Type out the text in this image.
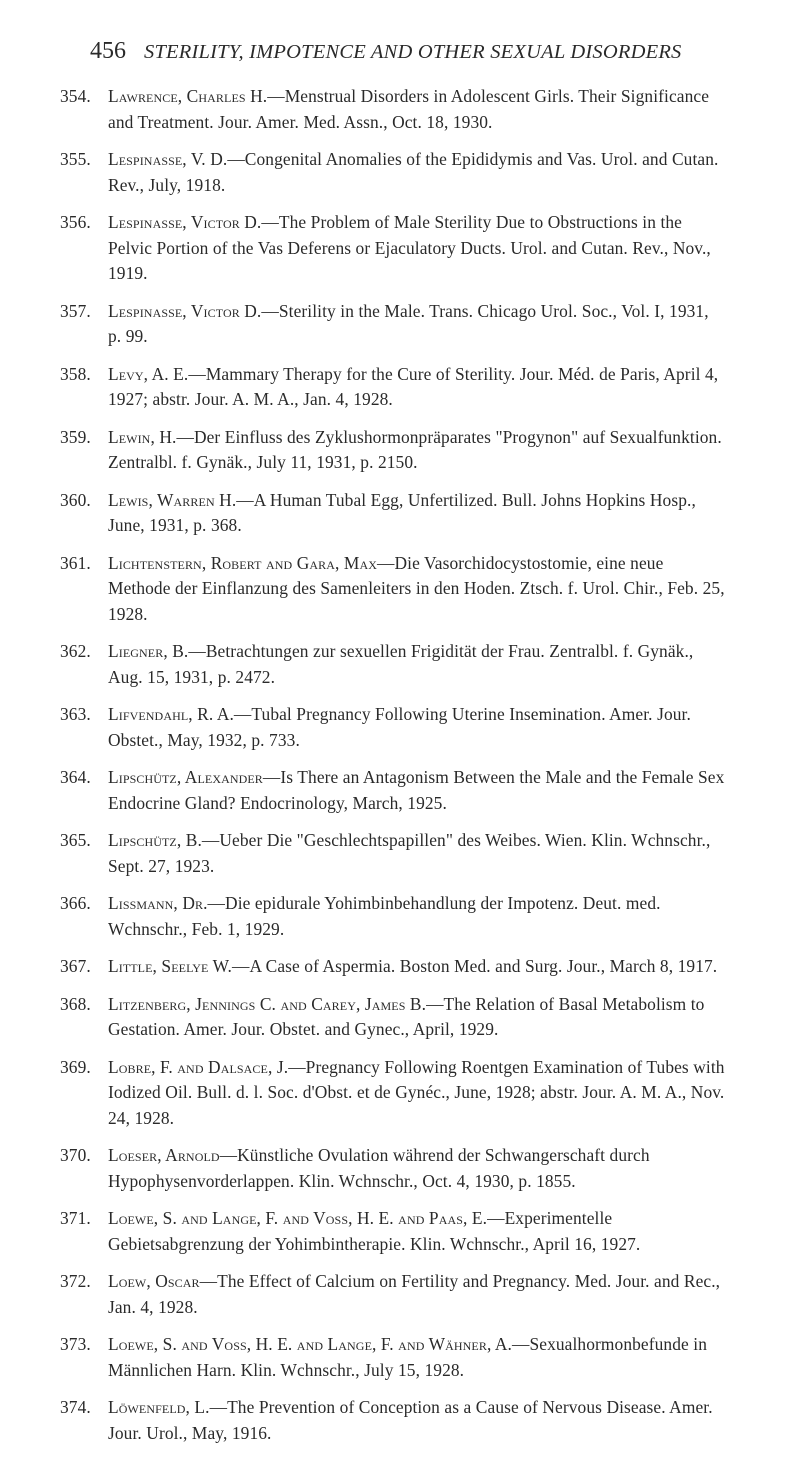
456 STERILITY, IMPOTENCE AND OTHER SEXUAL DISORDERS
354. Lawrence, Charles H.—Menstrual Disorders in Adolescent Girls. Their Significance and Treatment. Jour. Amer. Med. Assn., Oct. 18, 1930.
355. Lespinasse, V. D.—Congenital Anomalies of the Epididymis and Vas. Urol. and Cutan. Rev., July, 1918.
356. Lespinasse, Victor D.—The Problem of Male Sterility Due to Obstructions in the Pelvic Portion of the Vas Deferens or Ejaculatory Ducts. Urol. and Cutan. Rev., Nov., 1919.
357. Lespinasse, Victor D.—Sterility in the Male. Trans. Chicago Urol. Soc., Vol. I, 1931, p. 99.
358. Levy, A. E.—Mammary Therapy for the Cure of Sterility. Jour. Méd. de Paris, April 4, 1927; abstr. Jour. A. M. A., Jan. 4, 1928.
359. Lewin, H.—Der Einfluss des Zyklushormonpräparates "Progynon" auf Sexualfunktion. Zentralbl. f. Gynäk., July 11, 1931, p. 2150.
360. Lewis, Warren H.—A Human Tubal Egg, Unfertilized. Bull. Johns Hopkins Hosp., June, 1931, p. 368.
361. Lichtenstern, Robert and Gara, Max—Die Vasorchidocystostomie, eine neue Methode der Einflanzung des Samenleiters in den Hoden. Ztsch. f. Urol. Chir., Feb. 25, 1928.
362. Liegner, B.—Betrachtungen zur sexuellen Frigidität der Frau. Zentralbl. f. Gynäk., Aug. 15, 1931, p. 2472.
363. Lifvendahl, R. A.—Tubal Pregnancy Following Uterine Insemination. Amer. Jour. Obstet., May, 1932, p. 733.
364. Lipschütz, Alexander—Is There an Antagonism Between the Male and the Female Sex Endocrine Gland? Endocrinology, March, 1925.
365. Lipschütz, B.—Ueber Die "Geschlechtspapillen" des Weibes. Wien. Klin. Wchnschr., Sept. 27, 1923.
366. Lissmann, Dr.—Die epidurale Yohimbinbehandlung der Impotenz. Deut. med. Wchnschr., Feb. 1, 1929.
367. Little, Seelye W.—A Case of Aspermia. Boston Med. and Surg. Jour., March 8, 1917.
368. Litzenberg, Jennings C. and Carey, James B.—The Relation of Basal Metabolism to Gestation. Amer. Jour. Obstet. and Gynec., April, 1929.
369. Lobre, F. and Dalsace, J.—Pregnancy Following Roentgen Examination of Tubes with Iodized Oil. Bull. d. l. Soc. d'Obst. et de Gynéc., June, 1928; abstr. Jour. A. M. A., Nov. 24, 1928.
370. Loeser, Arnold—Künstliche Ovulation während der Schwangerschaft durch Hypophysenvorderlappen. Klin. Wchnschr., Oct. 4, 1930, p. 1855.
371. Loewe, S. and Lange, F. and Voss, H. E. and Paas, E.—Experimentelle Gebietsabgrenzung der Yohimbintherapie. Klin. Wchnschr., April 16, 1927.
372. Loew, Oscar—The Effect of Calcium on Fertility and Pregnancy. Med. Jour. and Rec., Jan. 4, 1928.
373. Loewe, S. and Voss, H. E. and Lange, F. and Wähner, A.—Sexualhormonbefunde in Männlichen Harn. Klin. Wchnschr., July 15, 1928.
374. Löwenfeld, L.—The Prevention of Conception as a Cause of Nervous Disease. Amer. Jour. Urol., May, 1916.
